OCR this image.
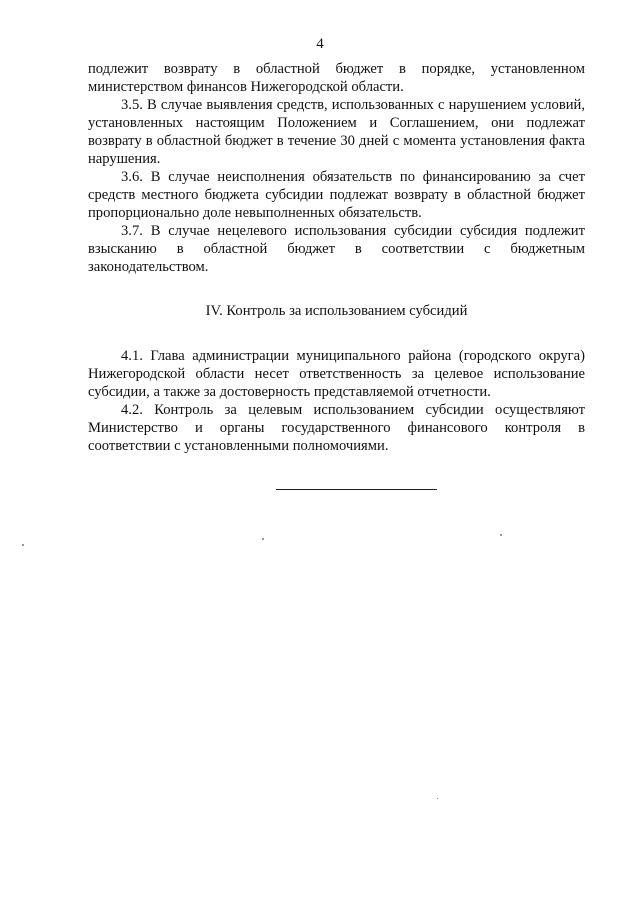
4

подлежит возврату в областной бюджет в порядке, установленном министерством финансов Нижегородской области.

3.5. В случае выявления средств, использованных с нарушением условий, установленных настоящим Положением и Соглашением, они подлежат возврату в областной бюджет в течение 30 дней с момента установления факта нарушения.

3.6. В случае неисполнения обязательств по финансированию за счет средств местного бюджета субсидии подлежат возврату в областной бюджет пропорционально доле невыполненных обязательств.

3.7. В случае нецелевого использования субсидии субсидия подлежит взысканию в областной бюджет в соответствии с бюджетным законодательством.

IV. Контроль за использованием субсидий

4.1. Глава администрации муниципального района (городского округа) Нижегородской области несет ответственность за целевое использование субсидии, а также за достоверность представляемой отчетности.

4.2. Контроль за целевым использованием субсидии осуществляют Министерство и органы государственного финансового контроля в соответствии с установленными полномочиями.
